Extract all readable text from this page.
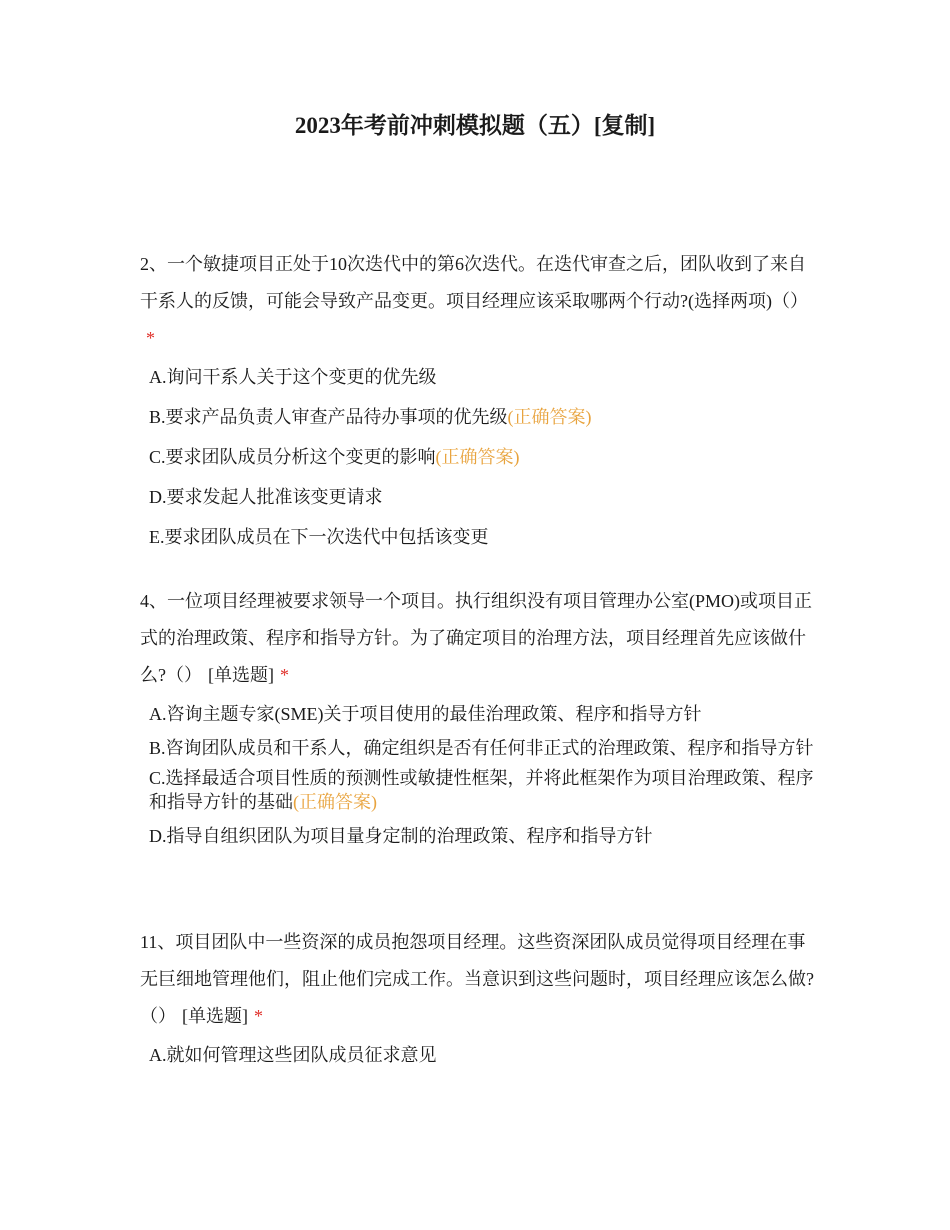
2023年考前冲刺模拟题（五）[复制]

2、一个敏捷项目正处于10次迭代中的第6次迭代。在迭代审查之后，团队收到了来自干系人的反馈，可能会导致产品变更。项目经理应该采取哪两个行动?(选择两项)（）*

A.询问干系人关于这个变更的优先级
B.要求产品负责人审查产品待办事项的优先级(正确答案)
C.要求团队成员分析这个变更的影响(正确答案)
D.要求发起人批准该变更请求
E.要求团队成员在下一次迭代中包括该变更

4、一位项目经理被要求领导一个项目。执行组织没有项目管理办公室(PMO)或项目正式的治理政策、程序和指导方针。为了确定项目的治理方法，项目经理首先应该做什么?（） [单选题] *

A.咨询主题专家(SME)关于项目使用的最佳治理政策、程序和指导方针
B.咨询团队成员和干系人，确定组织是否有任何非正式的治理政策、程序和指导方针
C.选择最适合项目性质的预测性或敏捷性框架，并将此框架作为项目治理政策、程序和指导方针的基础(正确答案)
D.指导自组织团队为项目量身定制的治理政策、程序和指导方针

11、项目团队中一些资深的成员抱怨项目经理。这些资深团队成员觉得项目经理在事无巨细地管理他们，阻止他们完成工作。当意识到这些问题时，项目经理应该怎么做?（） [单选题] *

A.就如何管理这些团队成员征求意见
